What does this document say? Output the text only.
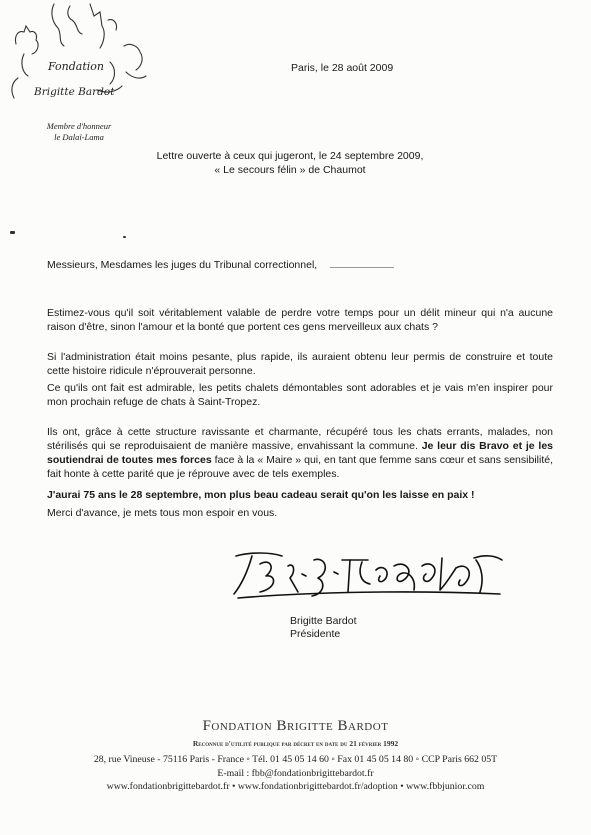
Fondation
Brigitte Bardot
Membre d'honneur
le Dalaï-Lama
Paris, le 28 août 2009
Lettre ouverte à ceux qui jugeront, le 24 septembre 2009,
« Le secours félin » de Chaumot
Messieurs, Mesdames les juges du Tribunal correctionnel,
Estimez-vous qu'il soit véritablement valable de perdre votre temps pour un délit mineur qui n'a aucune raison d'être, sinon l'amour et la bonté que portent ces gens merveilleux aux chats ?
Si l'administration était moins pesante, plus rapide, ils auraient obtenu leur permis de construire et toute cette histoire ridicule n'éprouverait personne.
Ce qu'ils ont fait est admirable, les petits chalets démontables sont adorables et je vais m'en inspirer pour mon prochain refuge de chats à Saint-Tropez.
Ils ont, grâce à cette structure ravissante et charmante, récupéré tous les chats errants, malades, non stérilisés qui se reproduisaient de manière massive, envahissant la commune. Je leur dis Bravo et je les soutiendrai de toutes mes forces face à la « Maire » qui, en tant que femme sans cœur et sans sensibilité, fait honte à cette parité que je réprouve avec de tels exemples.
J'aurai 75 ans le 28 septembre, mon plus beau cadeau serait qu'on les laisse en paix !
Merci d'avance, je mets tous mon espoir en vous.
Brigitte Bardot
Présidente
Fondation Brigitte Bardot
Reconnue d'utilité publique par décret en date du 21 février 1992
28, rue Vineuse - 75116 Paris - France ◦ Tél. 01 45 05 14 60 ◦ Fax 01 45 05 14 80 ◦ CCP Paris 662 05T
E-mail : fbb@fondationbrigittebardot.fr
www.fondationbrigittebardot.fr • www.fondationbrigittebardot.fr/adoption • www.fbbjunior.com
